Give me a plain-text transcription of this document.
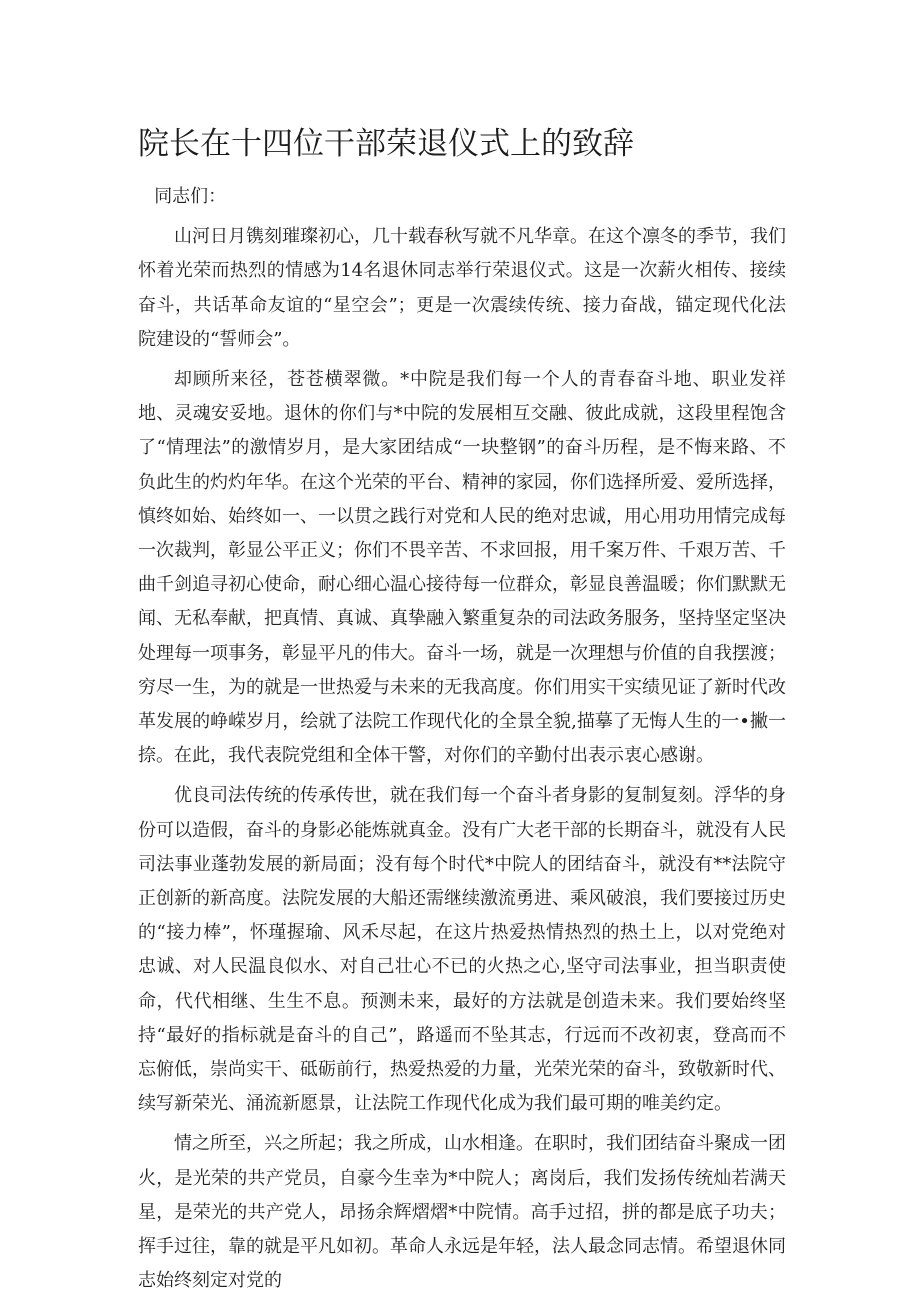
院长在十四位干部荣退仪式上的致辞

同志们：

山河日月镌刻璀璨初心，几十载春秋写就不凡华章。在这个凛冬的季节，我们怀着光荣而热烈的情感为14名退休同志举行荣退仪式。这是一次薪火相传、接续奋斗，共话革命友谊的“星空会”；更是一次震续传统、接力奋战，锚定现代化法院建设的“誓师会”。

却顾所来径，苍苍横翠微。*中院是我们每一个人的青春奋斗地、职业发祥地、灵魂安妥地。退休的你们与*中院的发展相互交融、彼此成就，这段里程饱含了“情理法”的激情岁月，是大家团结成“一块整钢”的奋斗历程，是不悔来路、不负此生的灼灼年华。在这个光荣的平台、精神的家园，你们选择所爱、爱所选择，慎终如始、始终如一、一以贯之践行对党和人民的绝对忠诚，用心用功用情完成每一次裁判，彰显公平正义；你们不畏辛苦、不求回报，用千案万件、千艰万苦、千曲千剑追寻初心使命，耐心细心温心接待每一位群众，彰显良善温暖；你们默默无闻、无私奉献，把真情、真诚、真挚融入繁重复杂的司法政务服务，坚持坚定坚决处理每一项事务，彰显平凡的伟大。奋斗一场，就是一次理想与价值的自我摆渡；穷尽一生，为的就是一世热爱与未来的无我高度。你们用实干实绩见证了新时代改革发展的峥嵘岁月，绘就了法院工作现代化的全景全貌,描摹了无悔人生的一•撇一捺。在此，我代表院党组和全体干警，对你们的辛勤付出表示衷心感谢。

优良司法传统的传承传世，就在我们每一个奋斗者身影的复制复刻。浮华的身份可以造假，奋斗的身影必能炼就真金。没有广大老干部的长期奋斗，就没有人民司法事业蓬勃发展的新局面；没有每个时代*中院人的团结奋斗，就没有**法院守正创新的新高度。法院发展的大船还需继续激流勇进、乘风破浪，我们要接过历史的“接力棒”，怀瑾握瑜、风禾尽起，在这片热爱热情热烈的热土上，以对党绝对忠诚、对人民温良似水、对自己壮心不已的火热之心,坚守司法事业，担当职责使命，代代相继、生生不息。预测未来，最好的方法就是创造未来。我们要始终坚持“最好的指标就是奋斗的自己”，路遥而不坠其志，行远而不改初衷，登高而不忘俯低，崇尚实干、砥砺前行，热爱热爱的力量，光荣光荣的奋斗，致敬新时代、续写新荣光、涌流新愿景，让法院工作现代化成为我们最可期的唯美约定。

情之所至，兴之所起；我之所成，山水相逢。在职时，我们团结奋斗聚成一团火，是光荣的共产党员，自豪今生幸为*中院人；离岗后，我们发扬传统灿若满天星，是荣光的共产党人，昂扬余辉熠熠*中院情。高手过招，拼的都是底子功夫；挥手过往，靠的就是平凡如初。革命人永远是年轻，法人最念同志情。希望退休同志始终刻定对党的
